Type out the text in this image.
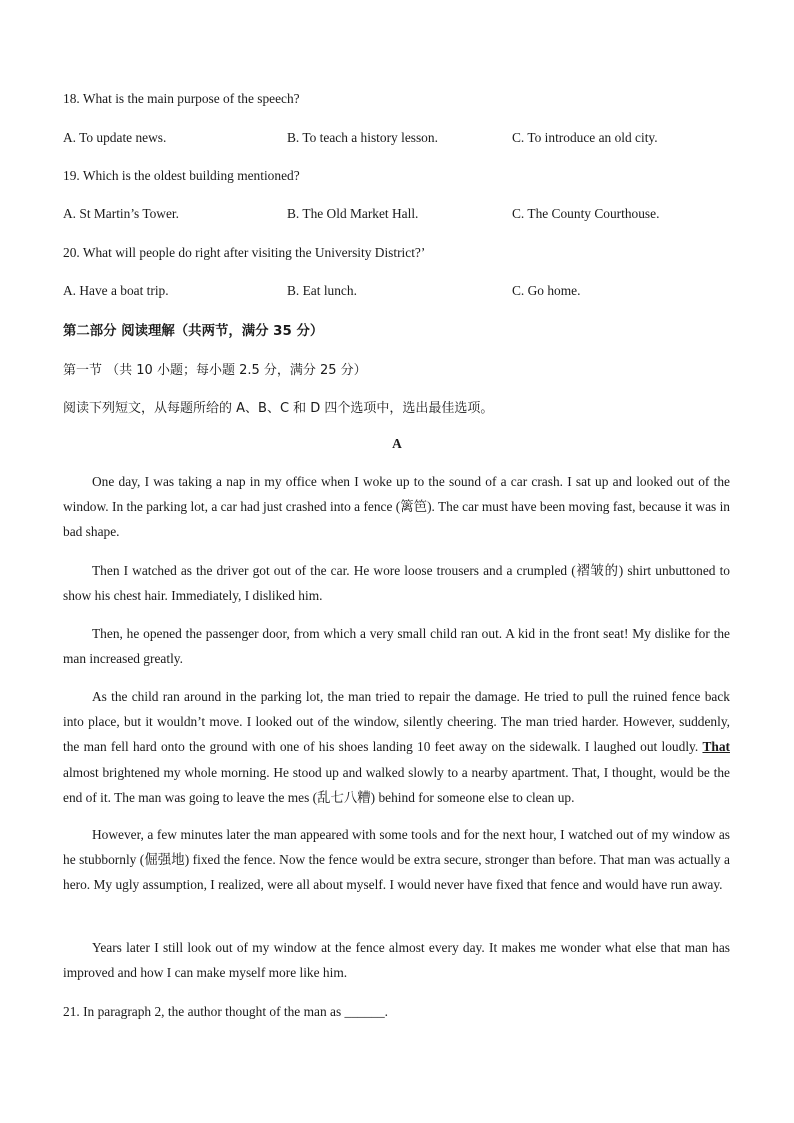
18. What is the main purpose of the speech?
A. To update news.	B. To teach a history lesson.	C. To introduce an old city.
19. Which is the oldest building mentioned?
A. St Martin’s Tower.	B. The Old Market Hall.	C. The County Courthouse.
20. What will people do right after visiting the University District?’
A. Have a boat trip.	B. Eat lunch.	C. Go home.
第二部分 阅读理解（共两节，满分 35 分）
第一节 （共 10 小题；每小题 2.5 分，满分 25 分）
阅读下列短文，从每题所给的 A、B、C 和 D 四个选项中，选出最佳选项。
A
One day, I was taking a nap in my office when I woke up to the sound of a car crash. I sat up and looked out of the window. In the parking lot, a car had just crashed into a fence (篱笆). The car must have been moving fast, because it was in bad shape.
Then I watched as the driver got out of the car. He wore loose trousers and a crumpled (褶皱的) shirt unbuttoned to show his chest hair. Immediately, I disliked him.
Then, he opened the passenger door, from which a very small child ran out. A kid in the front seat! My dislike for the man increased greatly.
As the child ran around in the parking lot, the man tried to repair the damage. He tried to pull the ruined fence back into place, but it wouldn’t move. I looked out of the window, silently cheering. The man tried harder. However, suddenly, the man fell hard onto the ground with one of his shoes landing 10 feet away on the sidewalk. I laughed out loudly. That almost brightened my whole morning. He stood up and walked slowly to a nearby apartment. That, I thought, would be the end of it. The man was going to leave the mes (乱七八糟) behind for someone else to clean up.
However, a few minutes later the man appeared with some tools and for the next hour, I watched out of my window as he stubbornly (倔强地) fixed the fence. Now the fence would be extra secure, stronger than before. That man was actually a hero. My ugly assumption, I realized, were all about myself. I would never have fixed that fence and would have run away.
Years later I still look out of my window at the fence almost every day. It makes me wonder what else that man has improved and how I can make myself more like him.
21. In paragraph 2, the author thought of the man as ______.
